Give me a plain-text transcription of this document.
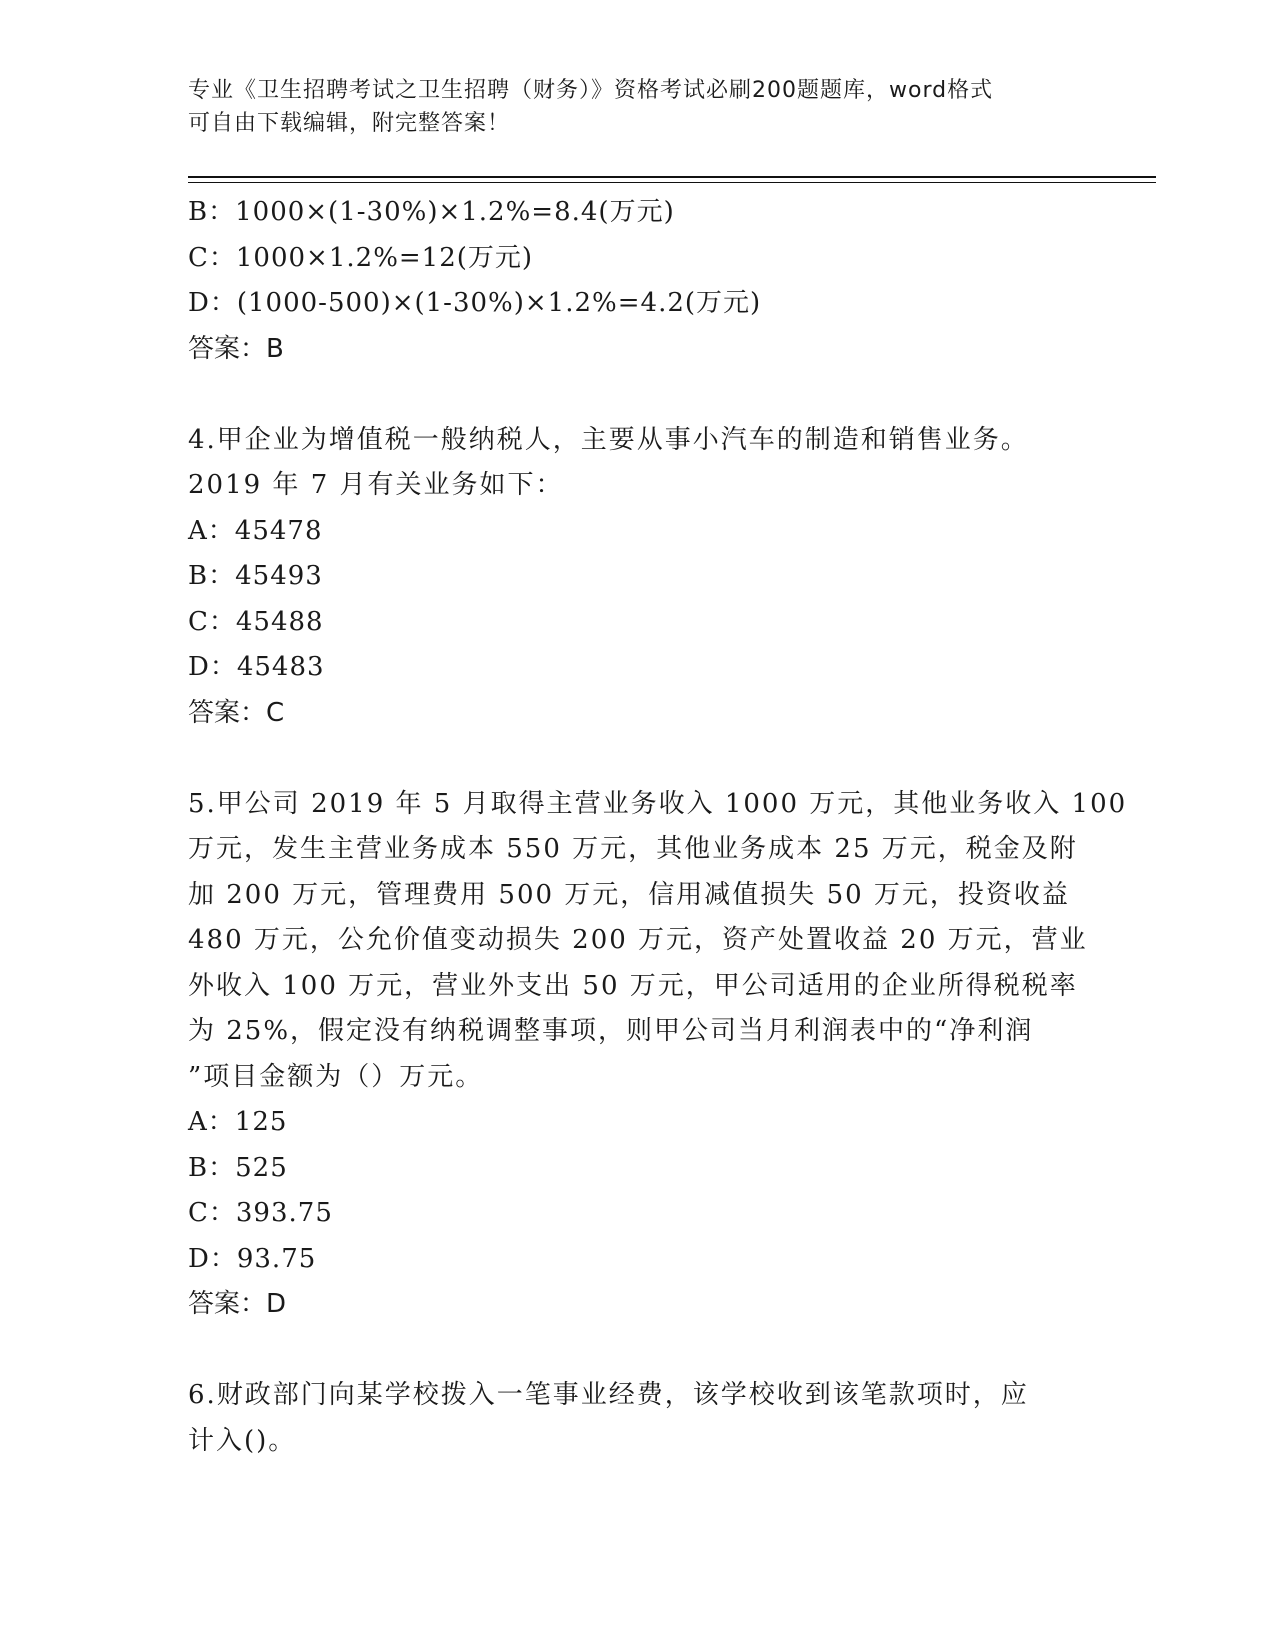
专业《卫生招聘考试之卫生招聘（财务）》资格考试必刷200题题库，word格式
可自由下载编辑，附完整答案！
B：1000×(1-30%)×1.2%=8.4(万元)
C：1000×1.2%=12(万元)
D：(1000-500)×(1-30%)×1.2%=4.2(万元)
答案：B
4.甲企业为增值税一般纳税人，主要从事小汽车的制造和销售业务。
2019 年 7 月有关业务如下：
A：45478
B：45493
C：45488
D：45483
答案：C
5.甲公司 2019 年 5 月取得主营业务收入 1000 万元，其他业务收入 100
万元，发生主营业务成本 550 万元，其他业务成本 25 万元，税金及附
加 200 万元，管理费用 500 万元，信用减值损失 50 万元，投资收益
480 万元，公允价值变动损失 200 万元，资产处置收益 20 万元，营业
外收入 100 万元，营业外支出 50 万元，甲公司适用的企业所得税税率
为 25%，假定没有纳税调整事项，则甲公司当月利润表中的“净利润
”项目金额为（）万元。
A：125
B：525
C：393.75
D：93.75
答案：D
6.财政部门向某学校拨入一笔事业经费，该学校收到该笔款项时，应
计入()。
